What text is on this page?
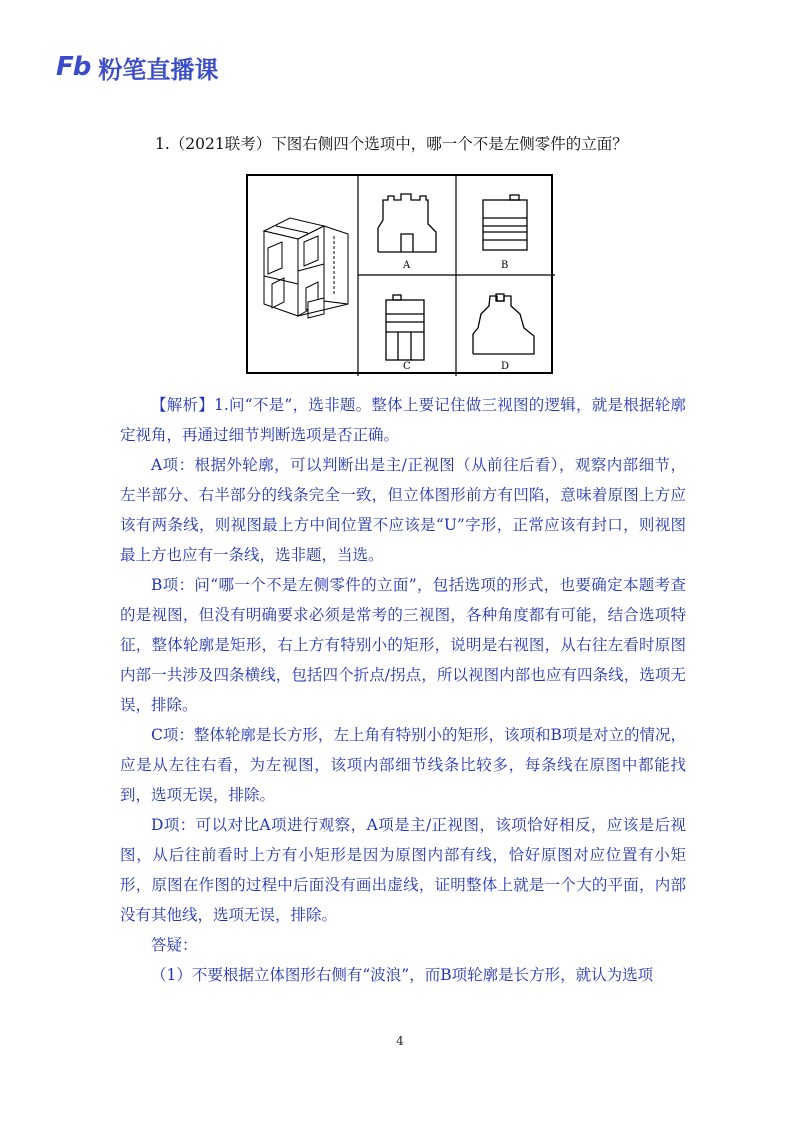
Fb 粉笔直播课
1.（2021联考）下图右侧四个选项中，哪一个不是左侧零件的立面？
A	B
C	D

【解析】1.问“不是”，选非题。整体上要记住做三视图的逻辑，就是根据轮廓定视角，再通过细节判断选项是否正确。

A项：根据外轮廓，可以判断出是主/正视图（从前往后看），观察内部细节，左半部分、右半部分的线条完全一致，但立体图形前方有凹陷，意味着原图上方应该有两条线，则视图最上方中间位置不应该是“U”字形，正常应该有封口，则视图最上方也应有一条线，选非题，当选。

B项：问“哪一个不是左侧零件的立面”，包括选项的形式，也要确定本题考查的是视图，但没有明确要求必须是常考的三视图，各种角度都有可能，结合选项特征，整体轮廓是矩形，右上方有特别小的矩形，说明是右视图，从右往左看时原图内部一共涉及四条横线，包括四个折点/拐点，所以视图内部也应有四条线，选项无误，排除。

C项：整体轮廓是长方形，左上角有特别小的矩形，该项和B项是对立的情况，应是从左往右看，为左视图，该项内部细节线条比较多，每条线在原图中都能找到，选项无误，排除。

D项：可以对比A项进行观察，A项是主/正视图，该项恰好相反，应该是后视图，从后往前看时上方有小矩形是因为原图内部有线，恰好原图对应位置有小矩形，原图在作图的过程中后面没有画出虚线，证明整体上就是一个大的平面，内部没有其他线，选项无误，排除。

答疑：

（1）不要根据立体图形右侧有“波浪”，而B项轮廓是长方形，就认为选项

4
